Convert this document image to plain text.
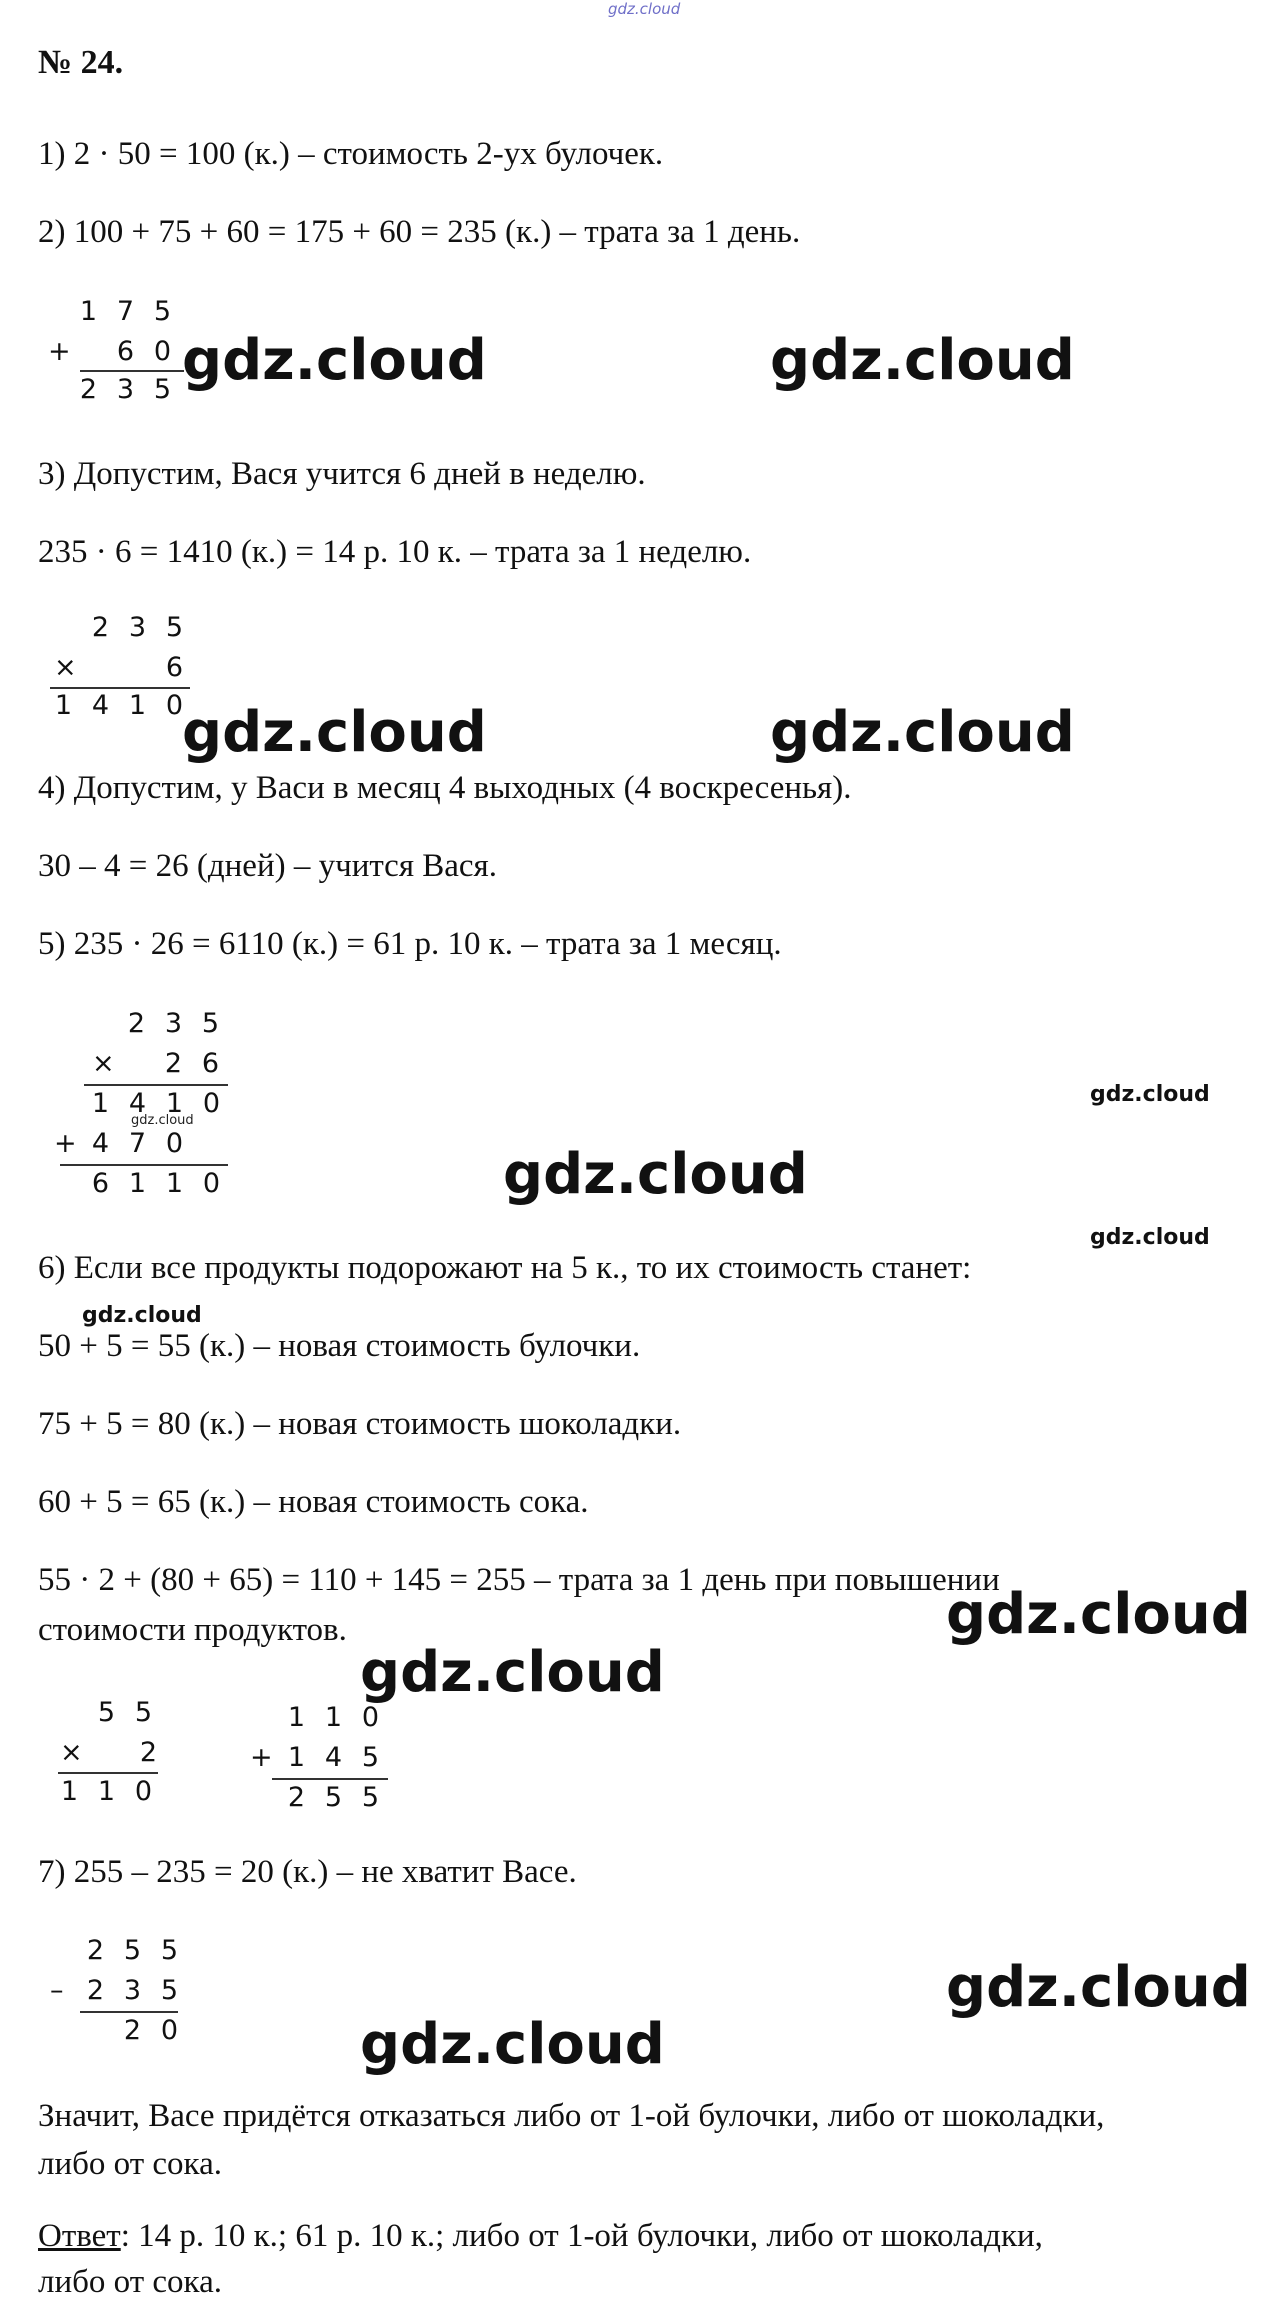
gdz.cloud
№ 24.
1) 2 · 50 = 100 (к.) – стоимость 2-ух булочек.
2) 100 + 75 + 60 = 175 + 60 = 235 (к.) – трата за 1 день.
1 7 5
+	6 0
2 3 5 gdz.cloud	gdz.cloud
3) Допустим, Вася учится 6 дней в неделю.
235 · 6 = 1410 (к.) = 14 р. 10 к. – трата за 1 неделю.
2 3 5
×	6
1 4 1 0
gdz.cloud	gdz.cloud
4) Допустим, у Васи в месяц 4 выходных (4 воскресенья).
30 – 4 = 26 (дней) – учится Вася.
5) 235 · 26 = 6110 (к.) = 61 р. 10 к. – трата за 1 месяц.
2 3 5
×	2 6
1 4 1 0
+ 4 7 0
6 1 1 0
gdz.cloud
gdz.cloud
gdz.cloud
gdz.cloud
6) Если все продукты подорожают на 5 к., то их стоимость станет:
gdz.cloud
50 + 5 = 55 (к.) – новая стоимость булочки.
75 + 5 = 80 (к.) – новая стоимость шоколадки.
60 + 5 = 65 (к.) – новая стоимость сока.
55 · 2 + (80 + 65) = 110 + 145 = 255 – трата за 1 день при повышении
стоимости продуктов.	gdz.cloud
gdz.cloud
5 5
×	2
1 1 0
1 1 0
+ 1 4 5
2 5 5
7) 255 – 235 = 20 (к.) – не хватит Васе.
2 5 5
– 2 3 5
2 0
gdz.cloud
gdz.cloud
Значит, Васе придётся отказаться либо от 1-ой булочки, либо от шоколадки,
либо от сока.
Ответ: 14 р. 10 к.; 61 р. 10 к.; либо от 1-ой булочки, либо от шоколадки,
либо от сока.
